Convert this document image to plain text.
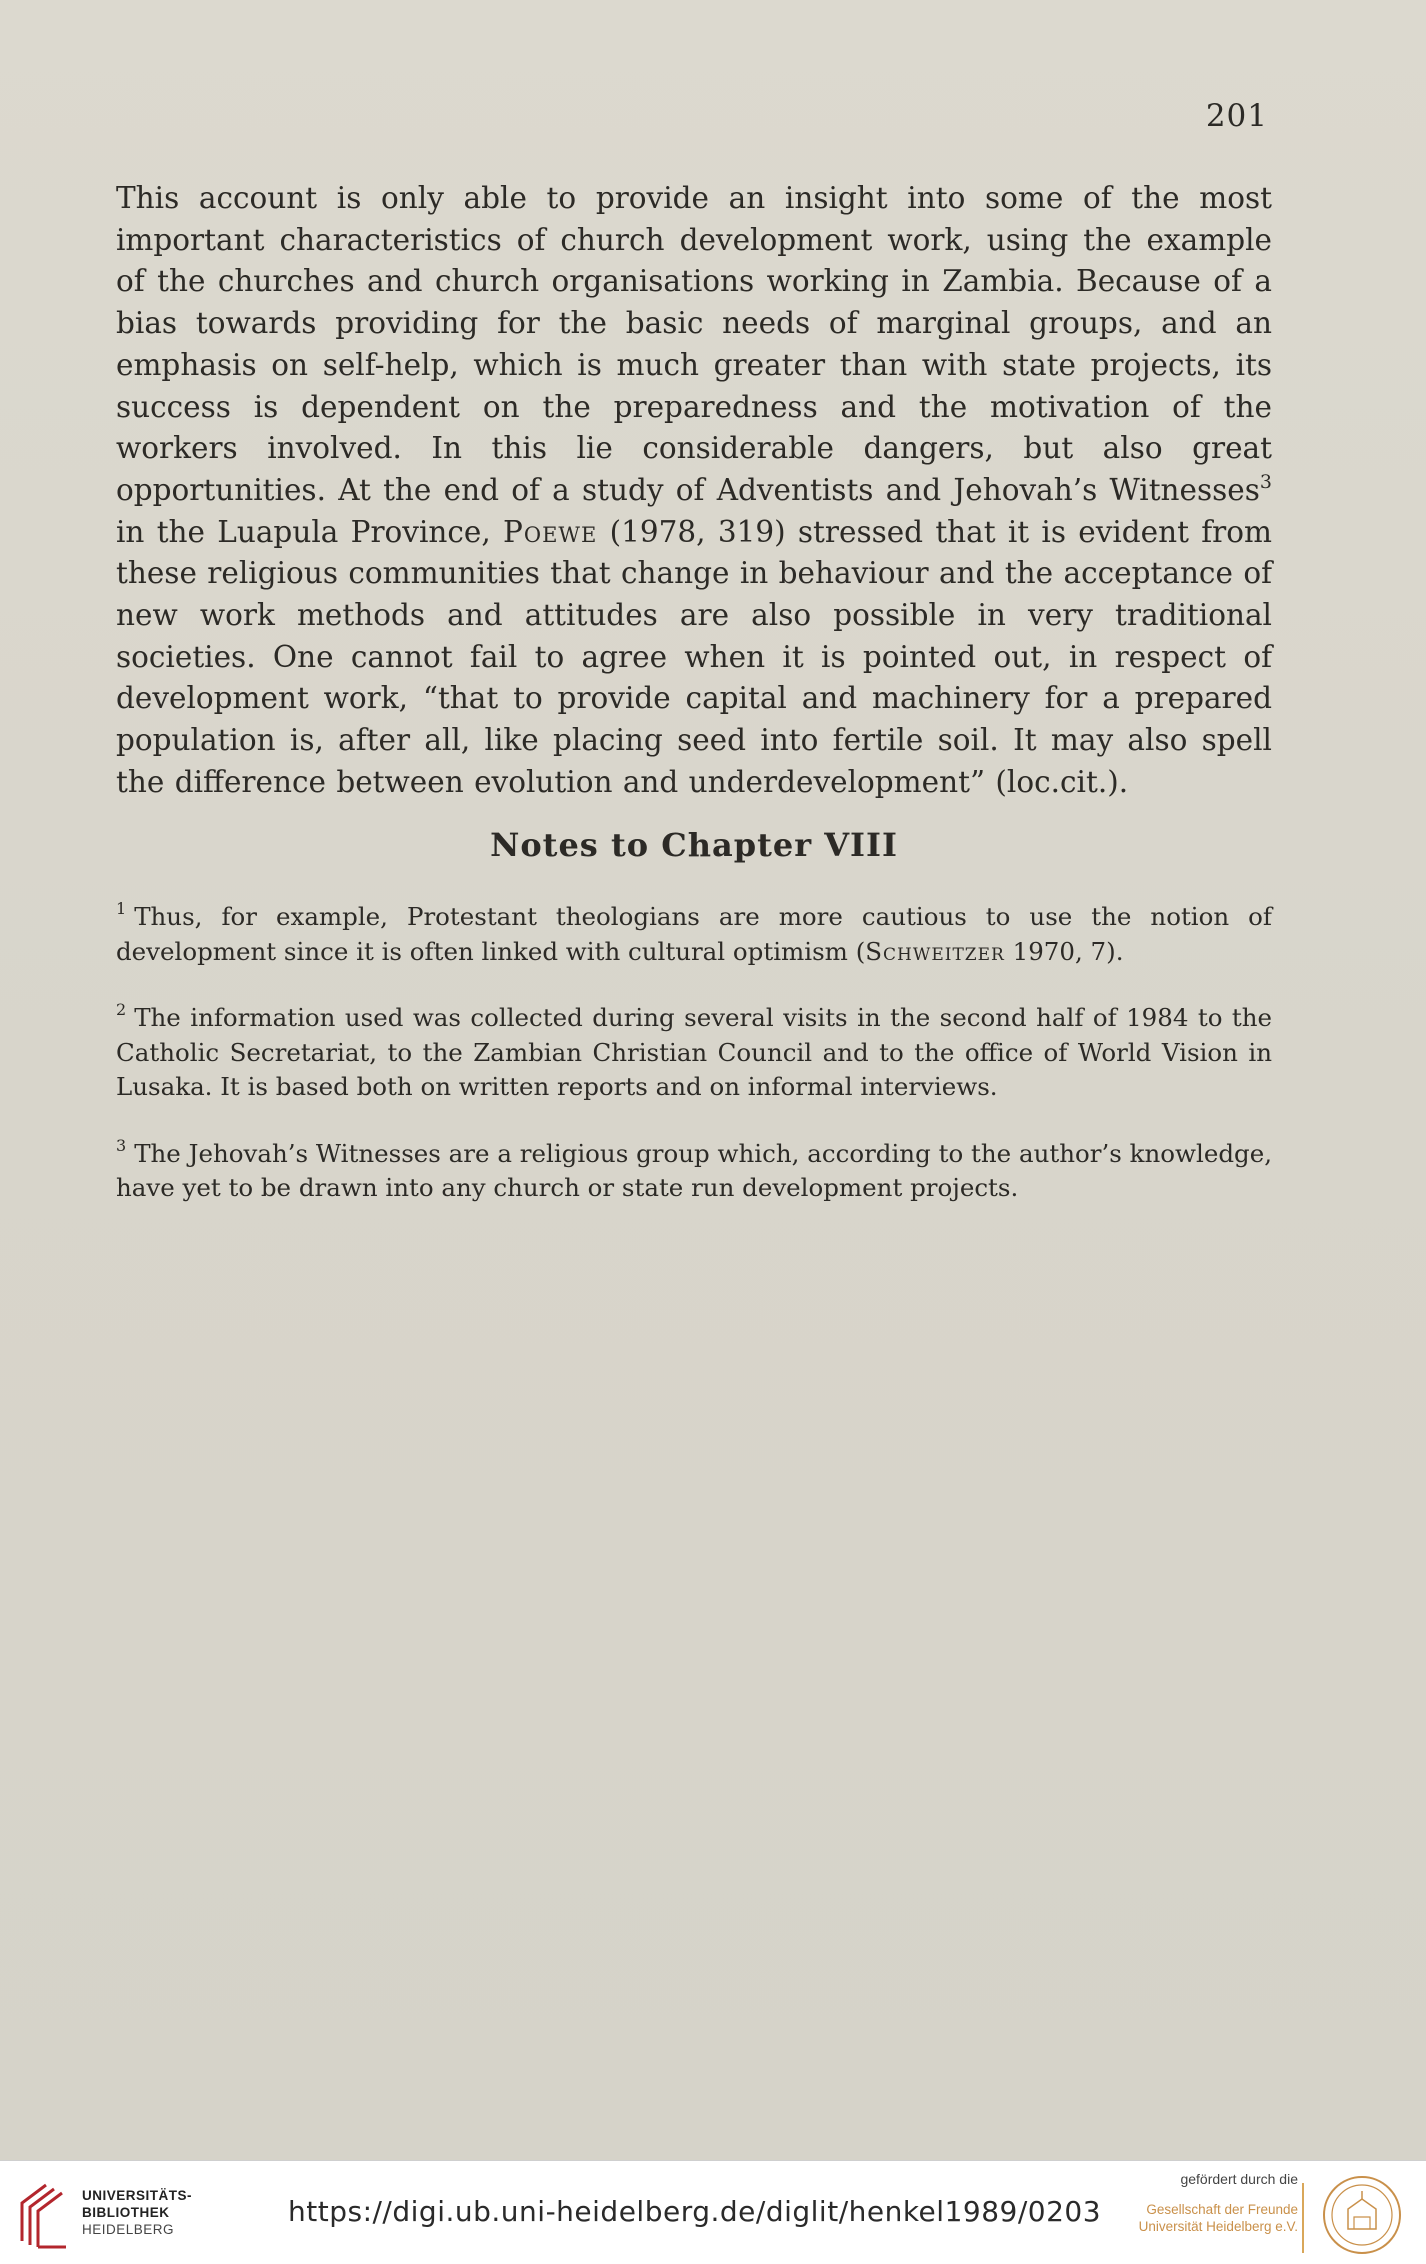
201

This account is only able to provide an insight into some of the most important characteristics of church development work, using the example of the churches and church organisations working in Zambia. Because of a bias towards providing for the basic needs of marginal groups, and an emphasis on self-help, which is much greater than with state projects, its success is dependent on the preparedness and the motivation of the workers involved. In this lie considerable dangers, but also great opportunities. At the end of a study of Adventists and Jehovah’s Witnesses$^3$ in the Luapula Province, Poewe (1978, 319) stressed that it is evident from these religious communities that change in behaviour and the acceptance of new work methods and attitudes are also possible in very traditional societies. One cannot fail to agree when it is pointed out, in respect of development work, “that to provide capital and machinery for a prepared population is, after all, like placing seed into fertile soil. It may also spell the difference between evolution and underdevelopment” (loc.cit.).

Notes to Chapter VIII

$^1$ Thus, for example, Protestant theologians are more cautious to use the notion of development since it is often linked with cultural optimism (Schweitzer 1970, 7).

$^2$ The information used was collected during several visits in the second half of 1984 to the Catholic Secretariat, to the Zambian Christian Council and to the office of World Vision in Lusaka. It is based both on written reports and on informal interviews.

$^3$ The Jehovah’s Witnesses are a religious group which, according to the author’s knowledge, have yet to be drawn into any church or state run development projects.

UNIVERSITÄTS-
BIBLIOTHEK
HEIDELBERG
https://digi.ub.uni-heidelberg.de/diglit/henkel1989/0203
gefördert durch die
Gesellschaft der Freunde
Universität Heidelberg e.V.
